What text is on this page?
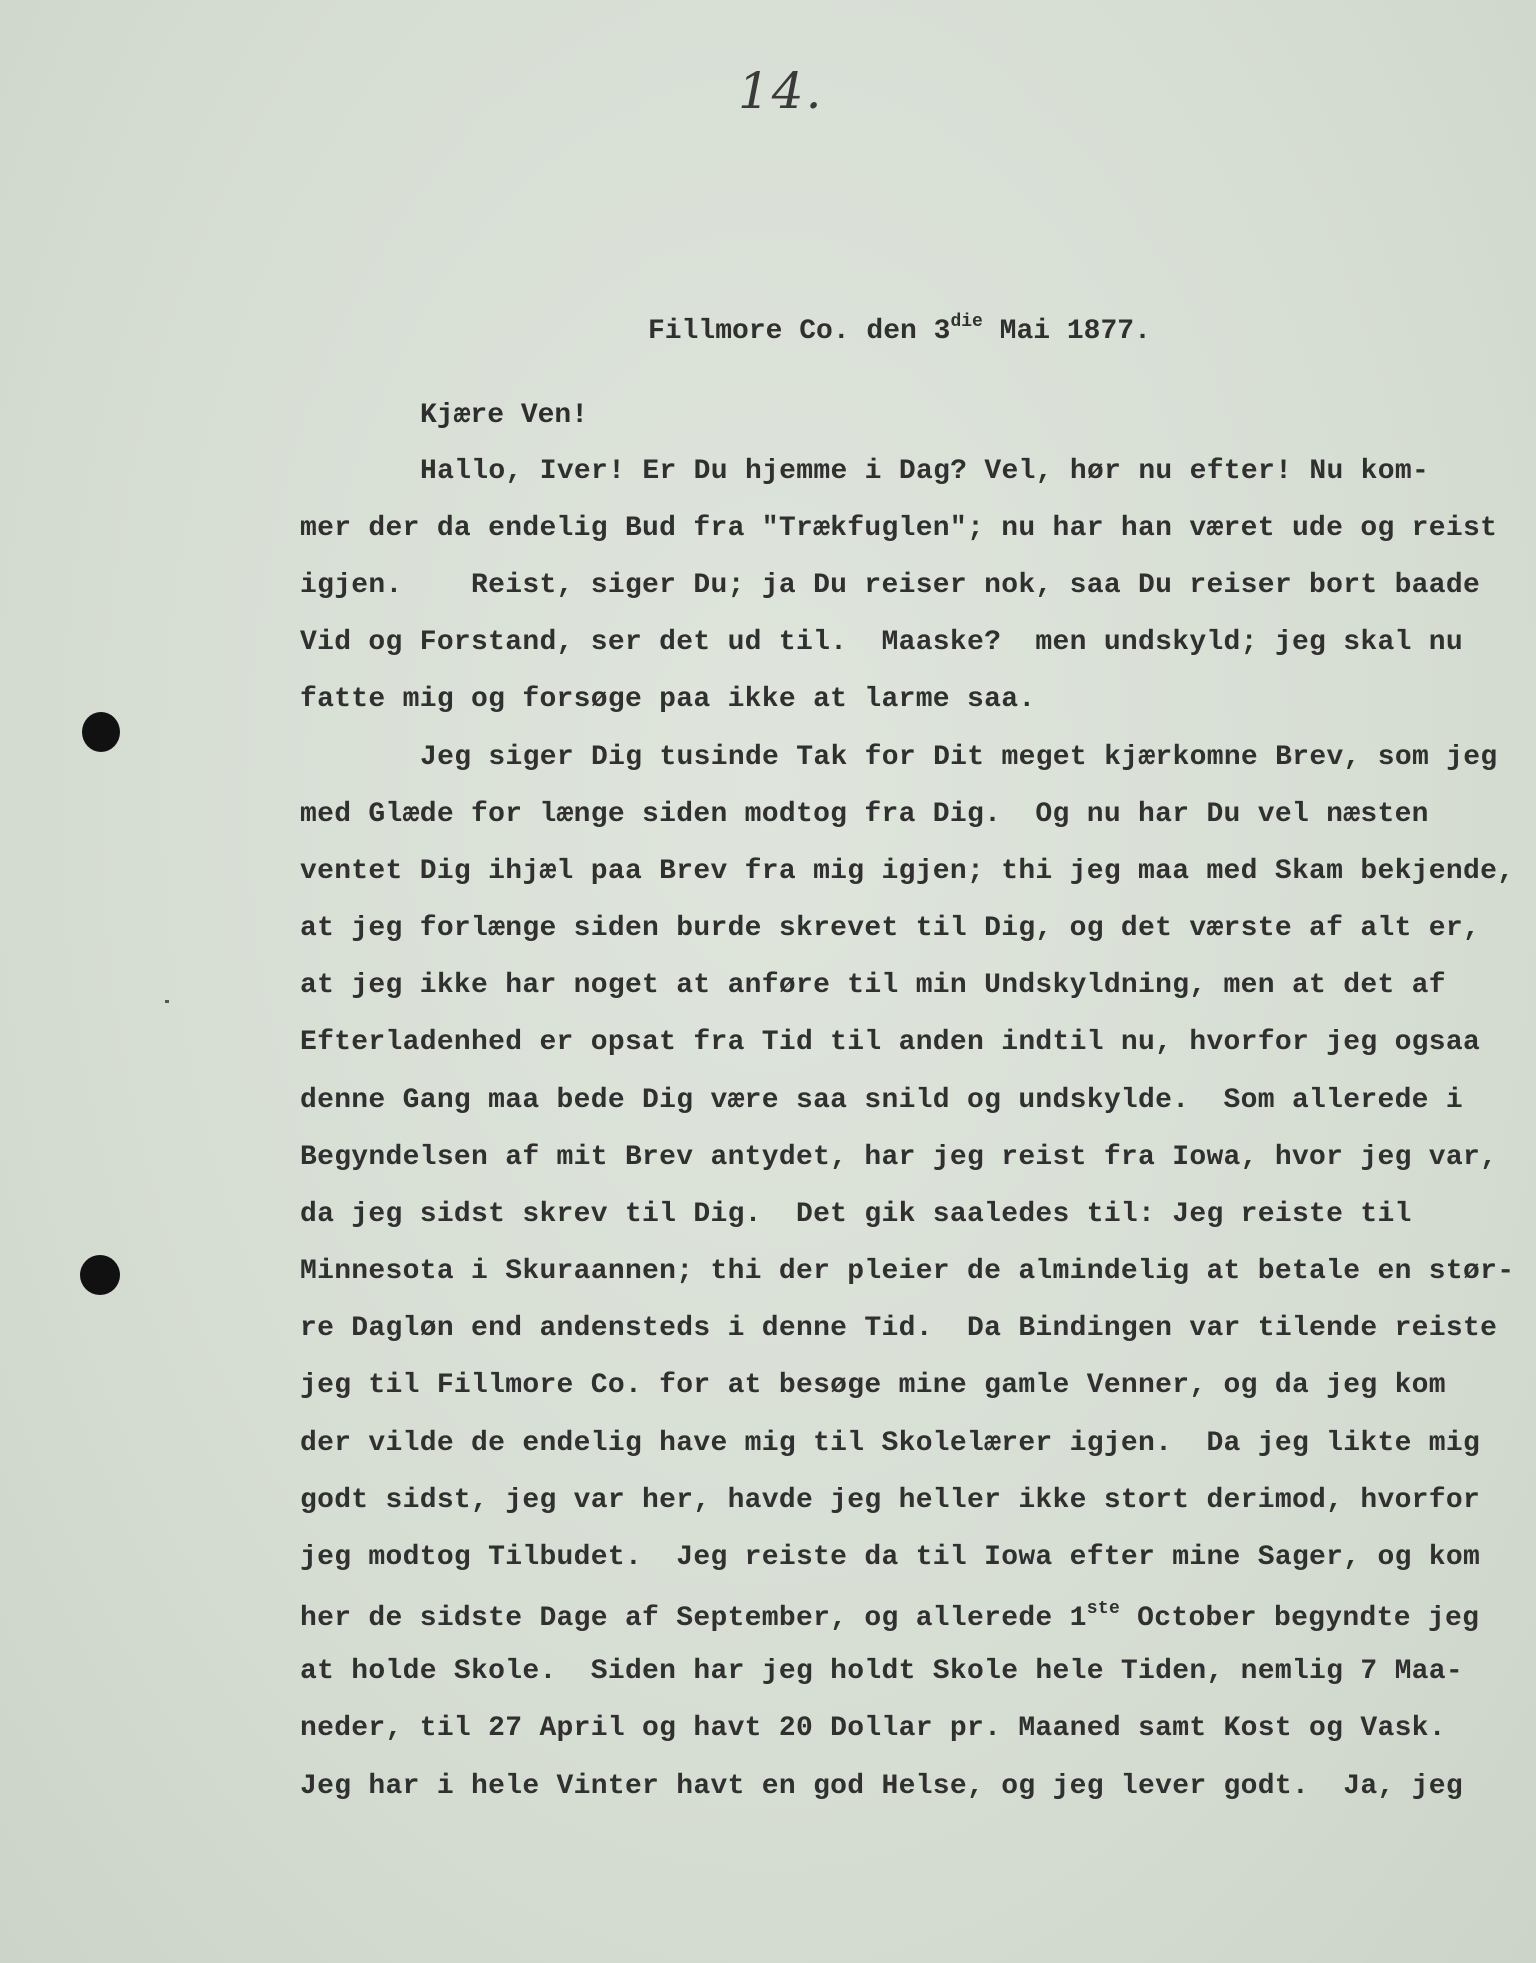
14.
Fillmore Co. den $3^{die}$ Mai 1877.
Kjære Ven!
Hallo, Iver! Er Du hjemme i Dag? Vel, hør nu efter! Nu kom-
mer der da endelig Bud fra "Trækfuglen"; nu har han været ude og reist
igjen.    Reist, siger Du; ja Du reiser nok, saa Du reiser bort baade
Vid og Forstand, ser det ud til.  Maaske?  men undskyld; jeg skal nu
fatte mig og forsøge paa ikke at larme saa.
Jeg siger Dig tusinde Tak for Dit meget kjærkomne Brev, som jeg
med Glæde for længe siden modtog fra Dig.  Og nu har Du vel næsten
ventet Dig ihjæl paa Brev fra mig igjen; thi jeg maa med Skam bekjende,
at jeg forlænge siden burde skrevet til Dig, og det værste af alt er,
at jeg ikke har noget at anføre til min Undskyldning, men at det af
Efterladenhed er opsat fra Tid til anden indtil nu, hvorfor jeg ogsaa
denne Gang maa bede Dig være saa snild og undskylde.  Som allerede i
Begyndelsen af mit Brev antydet, har jeg reist fra Iowa, hvor jeg var,
da jeg sidst skrev til Dig.  Det gik saaledes til: Jeg reiste til
Minnesota i Skuraannen; thi der pleier de almindelig at betale en stør-
re Dagløn end andensteds i denne Tid.  Da Bindingen var tilende reiste
jeg til Fillmore Co. for at besøge mine gamle Venner, og da jeg kom
der vilde de endelig have mig til Skolelærer igjen.  Da jeg likte mig
godt sidst, jeg var her, havde jeg heller ikke stort derimod, hvorfor
jeg modtog Tilbudet.  Jeg reiste da til Iowa efter mine Sager, og kom
her de sidste Dage af September, og allerede 1ste October begyndte jeg
at holde Skole.  Siden har jeg holdt Skole hele Tiden, nemlig 7 Maa-
neder, til 27 April og havt 20 Dollar pr. Maaned samt Kost og Vask.
Jeg har i hele Vinter havt en god Helse, og jeg lever godt.  Ja, jeg
